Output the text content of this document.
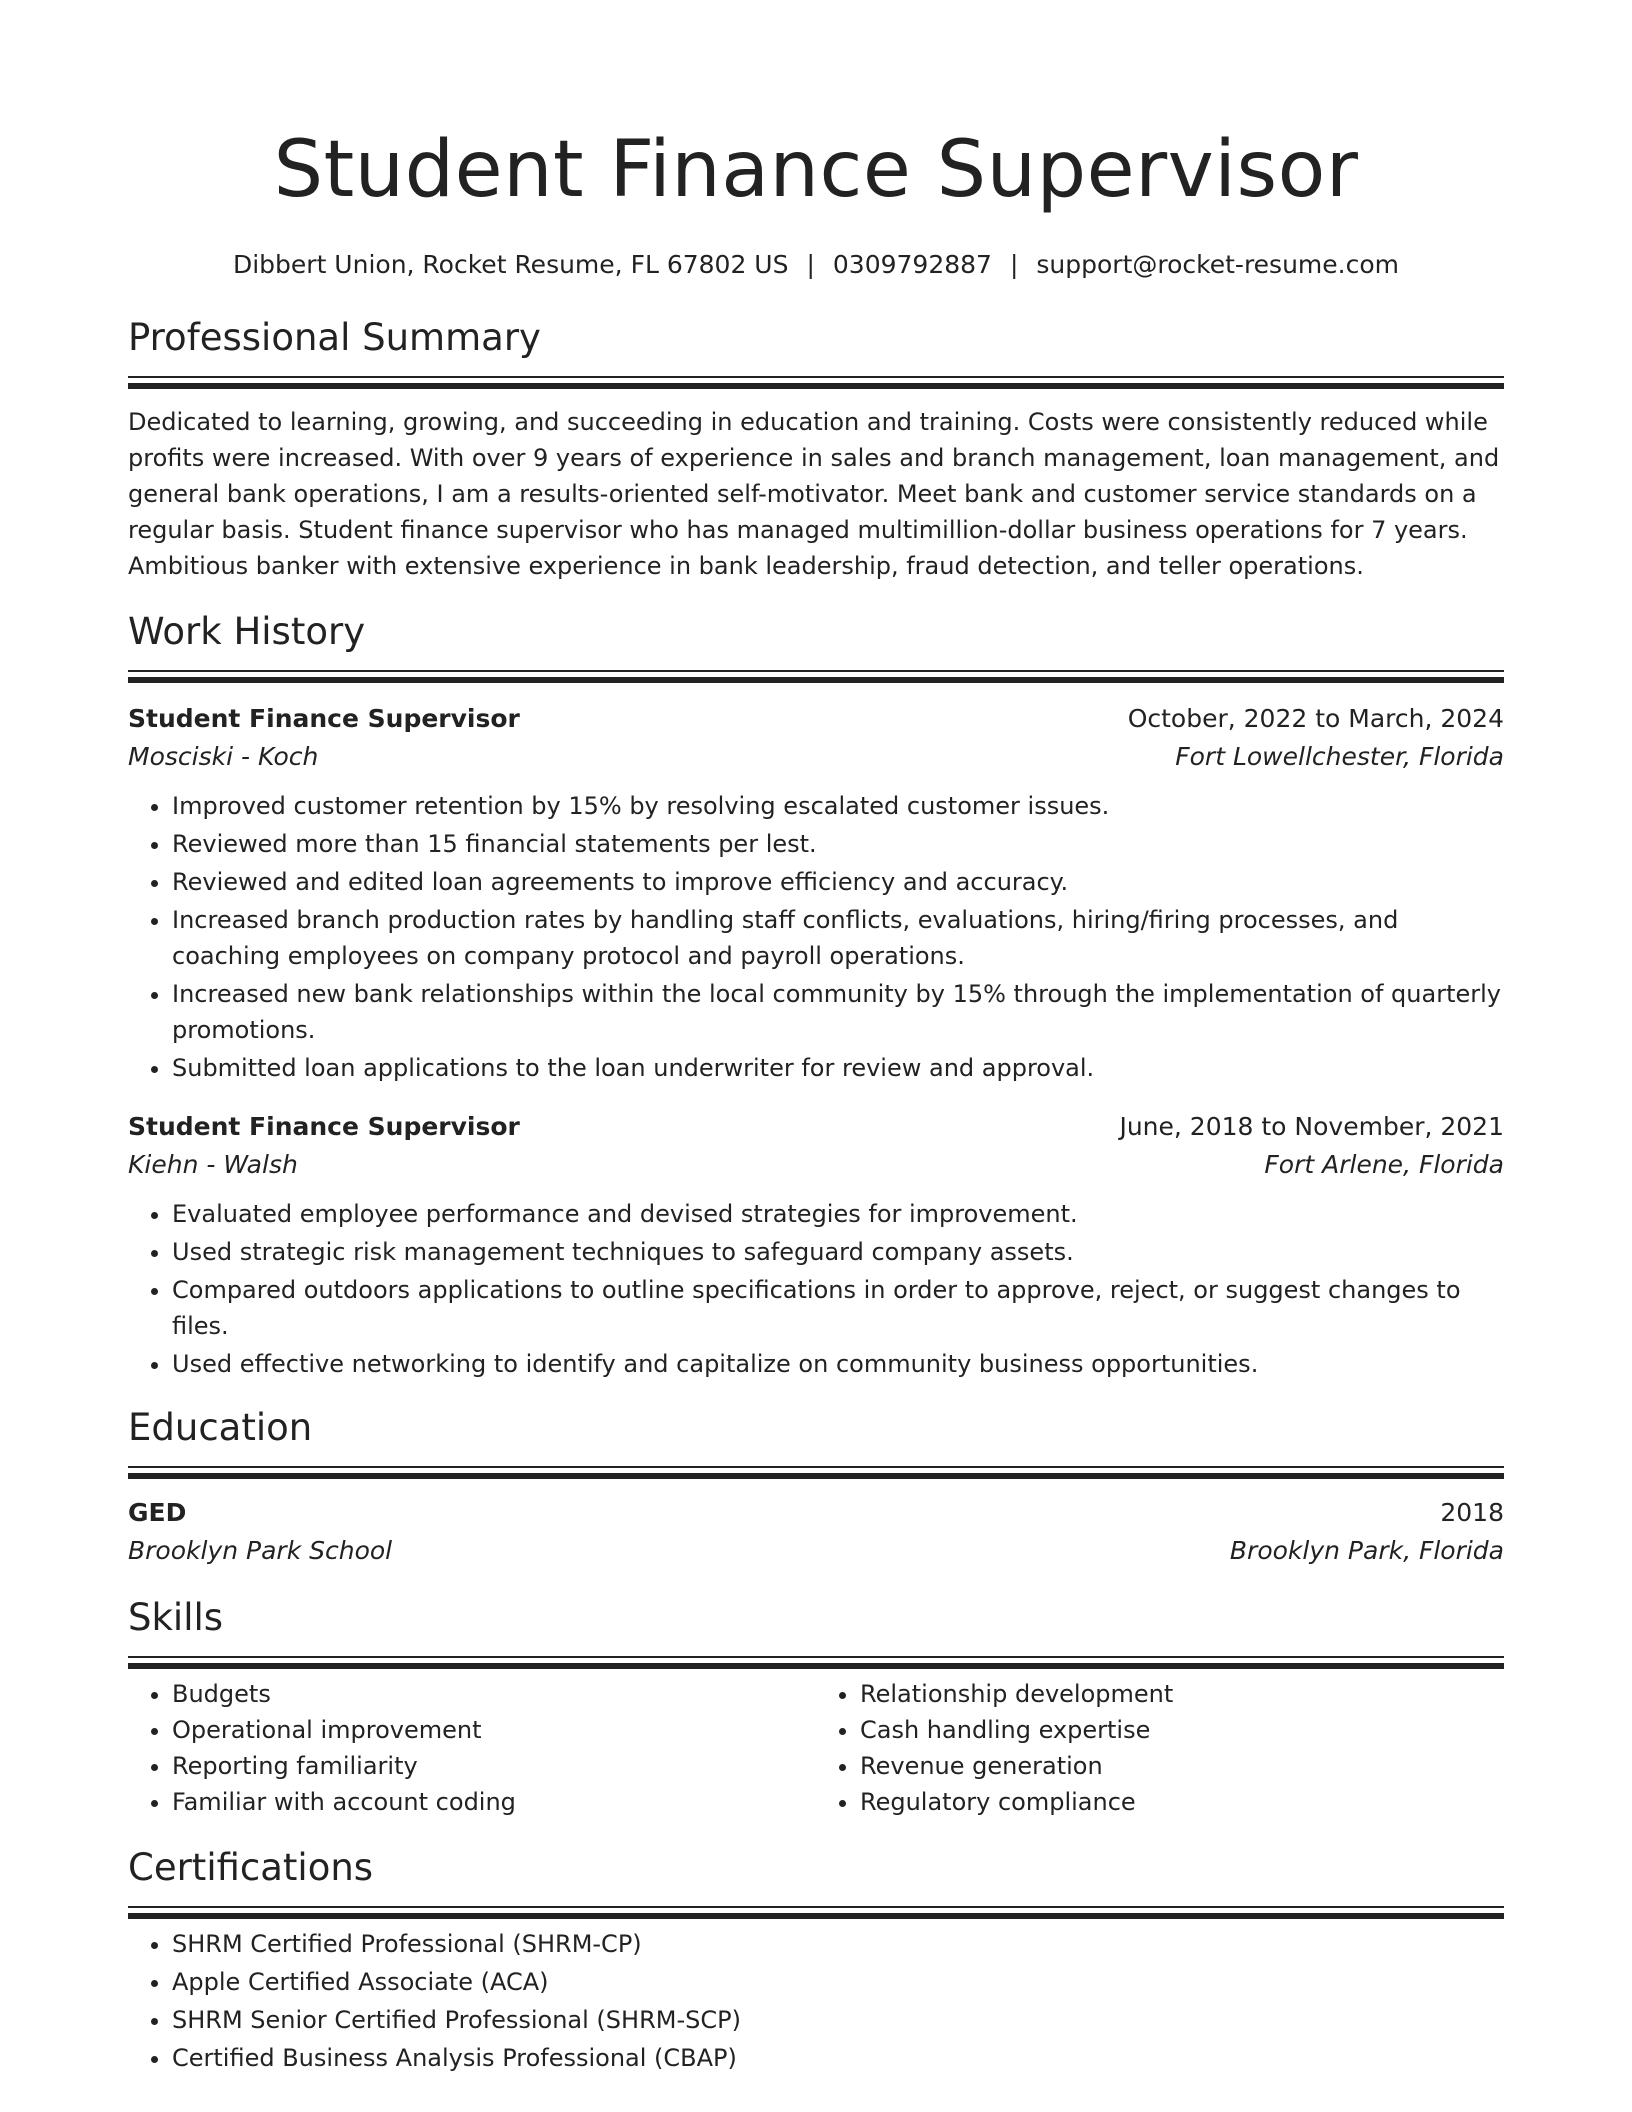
Student Finance Supervisor
Dibbert Union, Rocket Resume, FL 67802 US | 0309792887 | support@rocket-resume.com
Professional Summary
Dedicated to learning, growing, and succeeding in education and training. Costs were consistently reduced while profits were increased. With over 9 years of experience in sales and branch management, loan management, and general bank operations, I am a results-oriented self-motivator. Meet bank and customer service standards on a regular basis. Student finance supervisor who has managed multimillion-dollar business operations for 7 years. Ambitious banker with extensive experience in bank leadership, fraud detection, and teller operations.
Work History
Student Finance Supervisor	October, 2022 to March, 2024
Mosciski - Koch	Fort Lowellchester, Florida
• Improved customer retention by 15% by resolving escalated customer issues.
• Reviewed more than 15 financial statements per lest.
• Reviewed and edited loan agreements to improve efficiency and accuracy.
• Increased branch production rates by handling staff conflicts, evaluations, hiring/firing processes, and coaching employees on company protocol and payroll operations.
• Increased new bank relationships within the local community by 15% through the implementation of quarterly promotions.
• Submitted loan applications to the loan underwriter for review and approval.
Student Finance Supervisor	June, 2018 to November, 2021
Kiehn - Walsh	Fort Arlene, Florida
• Evaluated employee performance and devised strategies for improvement.
• Used strategic risk management techniques to safeguard company assets.
• Compared outdoors applications to outline specifications in order to approve, reject, or suggest changes to files.
• Used effective networking to identify and capitalize on community business opportunities.
Education
GED	2018
Brooklyn Park School	Brooklyn Park, Florida
Skills
• Budgets
• Operational improvement
• Reporting familiarity
• Familiar with account coding
• Relationship development
• Cash handling expertise
• Revenue generation
• Regulatory compliance
Certifications
• SHRM Certified Professional (SHRM-CP)
• Apple Certified Associate (ACA)
• SHRM Senior Certified Professional (SHRM-SCP)
• Certified Business Analysis Professional (CBAP)
